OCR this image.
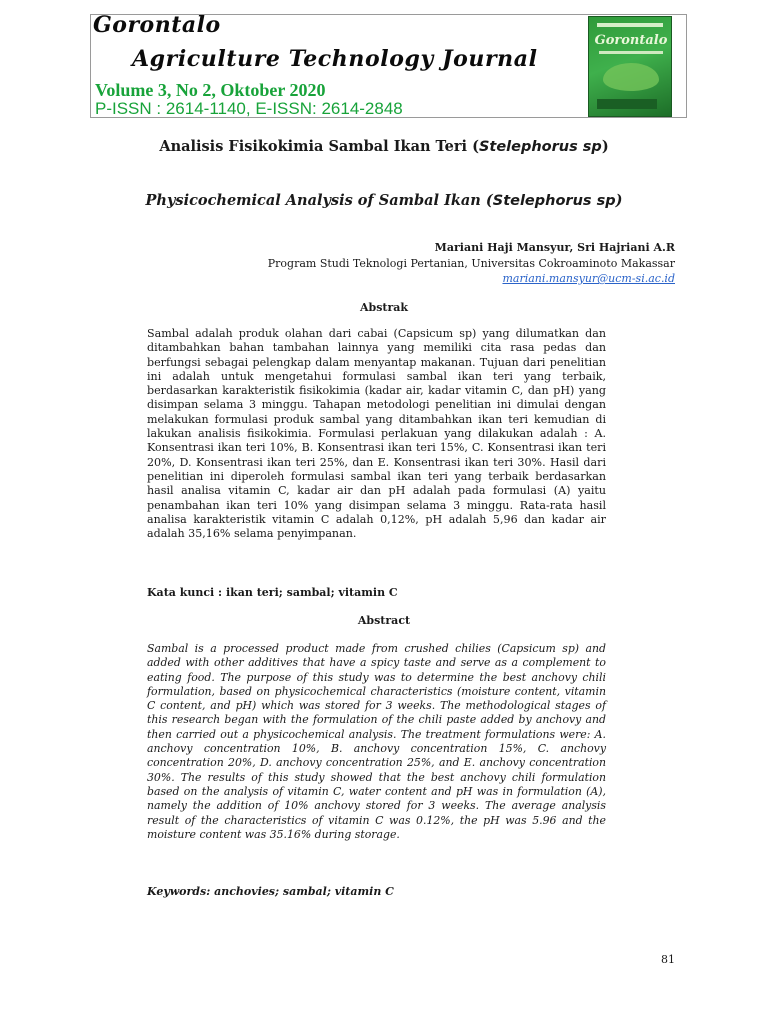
Gorontalo
Agriculture Technology Journal
Volume 3, No 2, Oktober 2020
P-ISSN : 2614-1140, E-ISSN: 2614-2848
Gorontalo
Analisis Fisikokimia Sambal Ikan Teri (Stelephorus sp)
Physicochemical Analysis of Sambal Ikan (Stelephorus sp)
Mariani Haji Mansyur, Sri Hajriani A.R
Program Studi Teknologi Pertanian, Universitas Cokroaminoto Makassar
mariani.mansyur@ucm-si.ac.id
Abstrak

Sambal adalah produk olahan dari cabai (Capsicum sp) yang dilumatkan dan ditambahkan bahan tambahan lainnya yang memiliki cita rasa pedas dan berfungsi sebagai pelengkap dalam menyantap makanan. Tujuan dari penelitian ini adalah untuk mengetahui formulasi sambal ikan teri yang terbaik, berdasarkan karakteristik fisikokimia (kadar air, kadar vitamin C, dan pH) yang disimpan selama 3 minggu. Tahapan metodologi penelitian ini dimulai dengan melakukan formulasi produk sambal yang ditambahkan ikan teri kemudian di lakukan analisis fisikokimia. Formulasi perlakuan yang dilakukan adalah : A. Konsentrasi ikan teri 10%, B. Konsentrasi ikan teri 15%, C. Konsentrasi ikan teri 20%, D. Konsentrasi ikan teri 25%, dan E. Konsentrasi ikan teri 30%. Hasil dari penelitian ini diperoleh formulasi sambal ikan teri yang terbaik berdasarkan hasil analisa vitamin C, kadar air dan pH adalah pada formulasi (A) yaitu penambahan ikan teri 10% yang disimpan selama 3 minggu. Rata-rata hasil analisa karakteristik vitamin C adalah 0,12%, pH adalah 5,96 dan kadar air adalah 35,16% selama penyimpanan.

Kata kunci : ikan teri; sambal; vitamin C
Abstract

Sambal is a processed product made from crushed chilies (Capsicum sp) and added with other additives that have a spicy taste and serve as a complement to eating food. The purpose of this study was to determine the best anchovy chili formulation, based on physicochemical characteristics (moisture content, vitamin C content, and pH) which was stored for 3 weeks. The methodological stages of this research began with the formulation of the chili paste added by anchovy and then carried out a physicochemical analysis. The treatment formulations were: A. anchovy concentration 10%, B. anchovy concentration 15%, C. anchovy concentration 20%, D. anchovy concentration 25%, and E. anchovy concentration 30%. The results of this study showed that the best anchovy chili formulation based on the analysis of vitamin C, water content and pH was in formulation (A), namely the addition of 10% anchovy stored for 3 weeks. The average analysis result of the characteristics of vitamin C was 0.12%, the pH was 5.96 and the moisture content was 35.16% during storage.

Keywords: anchovies; sambal; vitamin C
81
